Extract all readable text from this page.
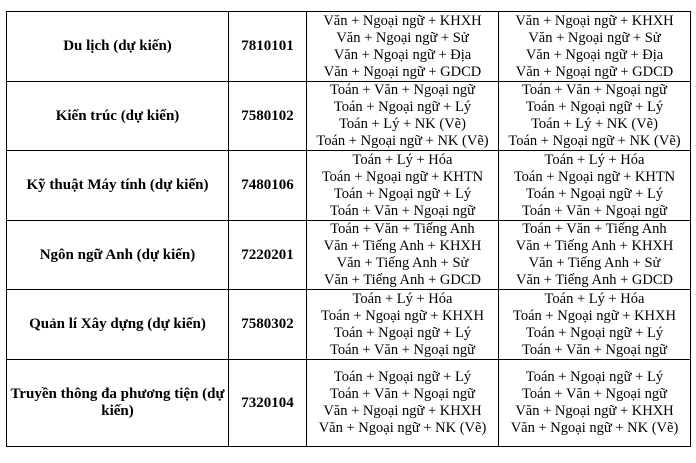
Du lịch (dự kiến)	7810101	Văn + Ngoại ngữ + KHXH
Văn + Ngoại ngữ + Sử
Văn + Ngoại ngữ + Địa
Văn + Ngoại ngữ + GDCD	Văn + Ngoại ngữ + KHXH
Văn + Ngoại ngữ + Sử
Văn + Ngoại ngữ + Địa
Văn + Ngoại ngữ + GDCD

Kiến trúc (dự kiến)	7580102	Toán + Văn + Ngoại ngữ
Toán + Ngoại ngữ + Lý
Toán + Lý + NK (Vẽ)
Toán + Ngoại ngữ + NK (Vẽ)	Toán + Văn + Ngoại ngữ
Toán + Ngoại ngữ + Lý
Toán + Lý + NK (Vẽ)
Toán + Ngoại ngữ + NK (Vẽ)

Kỹ thuật Máy tính (dự kiến)	7480106	Toán + Lý + Hóa
Toán + Ngoại ngữ + KHTN
Toán + Ngoại ngữ + Lý
Toán + Văn + Ngoại ngữ	Toán + Lý + Hóa
Toán + Ngoại ngữ + KHTN
Toán + Ngoại ngữ + Lý
Toán + Văn + Ngoại ngữ

Ngôn ngữ Anh (dự kiến)	7220201	Toán + Văn + Tiếng Anh
Văn + Tiếng Anh + KHXH
Văn + Tiếng Anh + Sử
Văn + Tiếng Anh + GDCD	Toán + Văn + Tiếng Anh
Văn + Tiếng Anh + KHXH
Văn + Tiếng Anh + Sử
Văn + Tiếng Anh + GDCD

Quản lí Xây dựng (dự kiến)	7580302	Toán + Lý + Hóa
Toán + Ngoại ngữ + KHXH
Toán + Ngoại ngữ + Lý
Toán + Văn + Ngoại ngữ	Toán + Lý + Hóa
Toán + Ngoại ngữ + KHXH
Toán + Ngoại ngữ + Lý
Toán + Văn + Ngoại ngữ

Truyền thông đa phương tiện (dự kiến)	7320104	Toán + Ngoại ngữ + Lý
Toán + Văn + Ngoại ngữ
Văn + Ngoại ngữ + KHXH
Văn + Ngoại ngữ + NK (Vẽ)	Toán + Ngoại ngữ + Lý
Toán + Văn + Ngoại ngữ
Văn + Ngoại ngữ + KHXH
Văn + Ngoại ngữ + NK (Vẽ)
